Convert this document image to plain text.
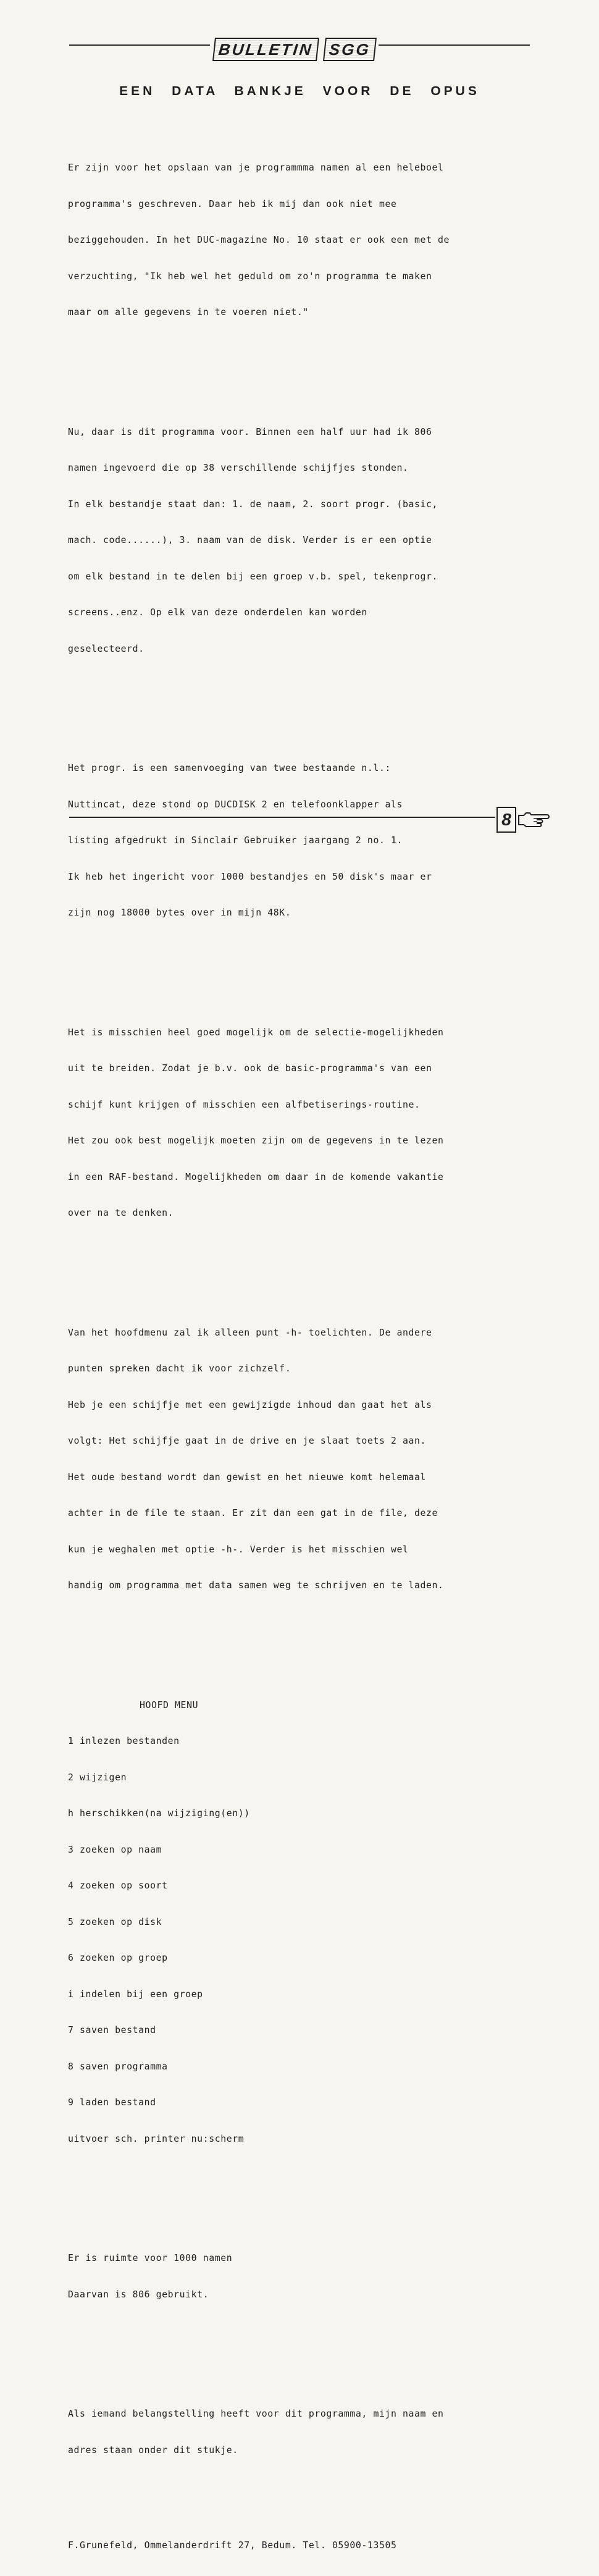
BULLETIN SGG
EEN DATA BANKJE VOOR DE OPUS

Er zijn voor het opslaan van je programmma namen al een heleboel

programma's geschreven. Daar heb ik mij dan ook niet mee

beziggehouden. In het DUC-magazine No. 10 staat er ook een met de

verzuchting, "Ik heb wel het geduld om zo'n programma te maken

maar om alle gegevens in te voeren niet."

Nu, daar is dit programma voor. Binnen een half uur had ik 806

namen ingevoerd die op 38 verschillende schijfjes stonden.

In elk bestandje staat dan: 1. de naam, 2. soort progr. (basic,

mach. code......), 3. naam van de disk. Verder is er een optie

om elk bestand in te delen bij een groep v.b. spel, tekenprogr.

screens..enz. Op elk van deze onderdelen kan worden

geselecteerd.

Het progr. is een samenvoeging van twee bestaande n.l.:

Nuttincat, deze stond op DUCDISK 2 en telefoonklapper als

listing afgedrukt in Sinclair Gebruiker jaargang 2 no. 1.

Ik heb het ingericht voor 1000 bestandjes en 50 disk's maar er

zijn nog 18000 bytes over in mijn 48K.

Het is misschien heel goed mogelijk om de selectie-mogelijkheden

uit te breiden. Zodat je b.v. ook de basic-programma's van een

schijf kunt krijgen of misschien een alfbetiserings-routine.

Het zou ook best mogelijk moeten zijn om de gegevens in te lezen

in een RAF-bestand. Mogelijkheden om daar in de komende vakantie

over na te denken.

Van het hoofdmenu zal ik alleen punt -h- toelichten. De andere

punten spreken dacht ik voor zichzelf.

Heb je een schijfje met een gewijzigde inhoud dan gaat het als

volgt: Het schijfje gaat in de drive en je slaat toets 2 aan.

Het oude bestand wordt dan gewist en het nieuwe komt helemaal

achter in de file te staan. Er zit dan een gat in de file, deze

kun je weghalen met optie -h-. Verder is het misschien wel

handig om programma met data samen weg te schrijven en te laden.

HOOFD MENU

1 inlezen bestanden

2 wijzigen

h herschikken(na wijziging(en))

3 zoeken op naam

4 zoeken op soort

5 zoeken op disk

6 zoeken op groep

i indelen bij een groep

7 saven bestand

8 saven programma

9 laden bestand

uitvoer sch. printer nu:scherm

Er is ruimte voor 1000 namen

Daarvan is 806 gebruikt.

Als iemand belangstelling heeft voor dit programma, mijn naam en

adres staan onder dit stukje.

F.Grunefeld, Ommelanderdrift 27, Bedum. Tel. 05900-13505

8
